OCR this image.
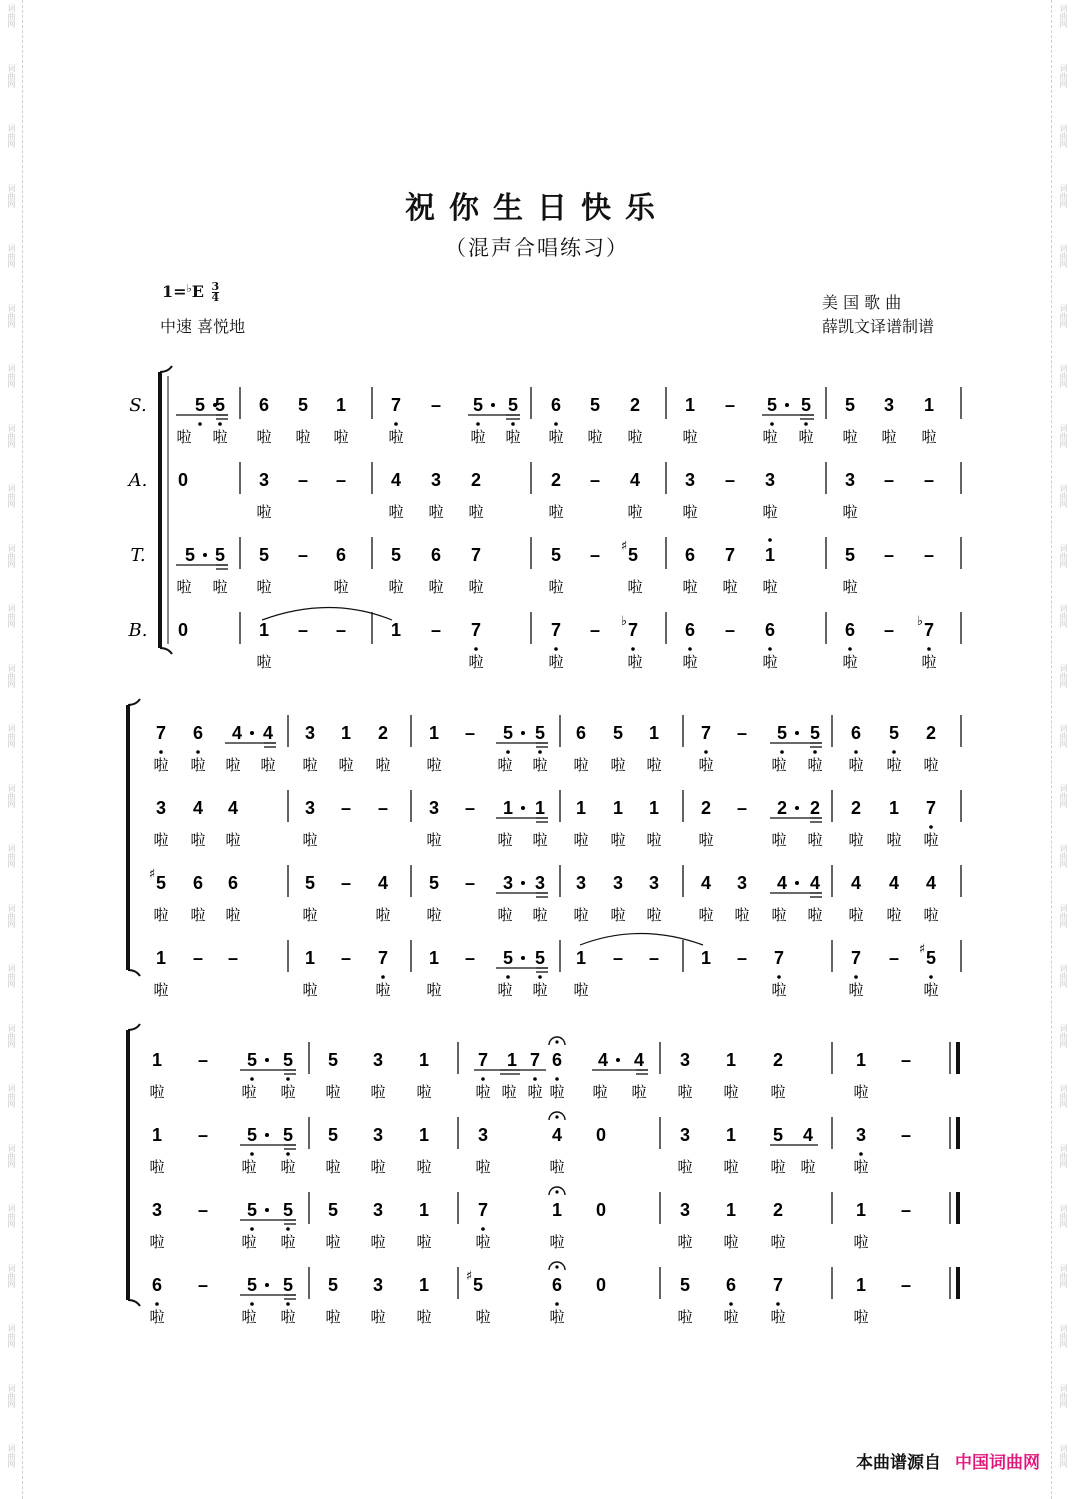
词曲网
词曲网
词曲网
词曲网
词曲网
词曲网
词曲网
词曲网
词曲网
词曲网
词曲网
词曲网
词曲网
词曲网
词曲网
词曲网
词曲网
词曲网
词曲网
词曲网
词曲网
词曲网
词曲网
词曲网
词曲网
词曲网
词曲网
词曲网
词曲网
词曲网
词曲网
词曲网
词曲网
词曲网
词曲网
词曲网
词曲网
词曲网
词曲网
词曲网
词曲网
词曲网
词曲网
词曲网
词曲网
词曲网
词曲网
词曲网
词曲网
词曲网
祝你生日快乐
（混声合唱练习）
$1=^♭E \frac{3}{4}$
中速 喜悦地
美 国 歌 曲
薛凯文译谱制谱
S.
A.
T.
B.
5 5 6 5 1 7 – 5 5 6 5 2 1 – 5 5 5 3 1
啦 啦 啦 啦 啦	啦	啦 啦 啦 啦 啦	啦	啦 啦 啦 啦 啦
0	3 – – 4 3 2	2 – 4 3 – 3	3 – –
啦	啦 啦 啦	啦	啦	啦	啦	啦
5 5 5 – 6 5 6 7	5 – ♯ 5	6 7 1	5 – –
啦 啦 啦	啦	啦 啦 啦	啦	啦	啦 啦 啦	啦
0	1 – – 1 – 7	7 – ♭ 7	6 – 6	6 – ♭ 7
啦	啦	啦	啦	啦	啦	啦	啦
7 6 4 4 3 1 2 1 – 5 5 6 5 1 7 – 5 5 6 5 2
啦 啦 啦 啦 啦 啦 啦 啦	啦 啦 啦 啦 啦 啦	啦 啦 啦 啦 啦
3 4 4	3 – – 3 – 1 1 1 1 1 2 – 2 2 2 1 7
啦 啦 啦	啦	啦	啦 啦 啦 啦 啦 啦	啦 啦 啦 啦 啦
♯ 5 6 6	5 – 4 5 – 3 3 3 3 3 4 3 4 4 4 4 4
啦 啦 啦	啦	啦 啦	啦 啦 啦 啦 啦 啦 啦 啦 啦 啦 啦 啦
1 – –	1 – 7 1 – 5 5 1 – – 1 – 7	7 – ♯ 5
啦	啦	啦 啦	啦 啦 啦	啦	啦	啦
1 – 5 5 5 3 1	7 1 7 6 4 4 3 1 2	1 –
啦	啦 啦 啦 啦 啦	啦 啦 啦 啦 啦 啦 啦 啦 啦	啦
1 – 5 5 5 3 1	3	4 0	3 1 5 4 3 –
啦	啦 啦 啦 啦 啦	啦	啦	啦 啦 啦 啦	啦
3 – 5 5 5 3 1	7	1 0	3 1 2	1 –
啦	啦 啦 啦 啦 啦	啦	啦	啦 啦 啦	啦
6 – 5 5 5 3 1	♯ 5	6 0	5 6 7	1 –
啦	啦 啦 啦 啦 啦	啦	啦	啦 啦 啦	啦
本曲谱源自 中国词曲网
